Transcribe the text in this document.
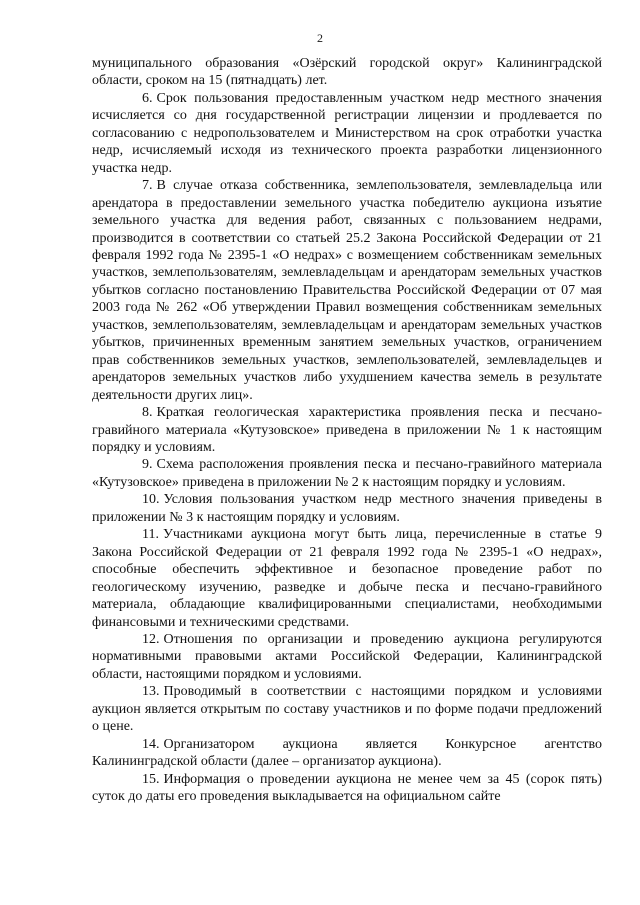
2

муниципального образования «Озёрский городской округ» Калининградской области, сроком на 15 (пятнадцать) лет.

6. Срок пользования предоставленным участком недр местного значения исчисляется со дня государственной регистрации лицензии и продлевается по согласованию с недропользователем и Министерством на срок отработки участка недр, исчисляемый исходя из технического проекта разработки лицензионного участка недр.

7. В случае отказа собственника, землепользователя, землевладельца или арендатора в предоставлении земельного участка победителю аукциона изъятие земельного участка для ведения работ, связанных с пользованием недрами, производится в соответствии со статьей 25.2 Закона Российской Федерации от 21 февраля 1992 года № 2395-1 «О недрах» с возмещением собственникам земельных участков, землепользователям, землевладельцам и арендаторам земельных участков убытков согласно постановлению Правительства Российской Федерации от 07 мая 2003 года № 262 «Об утверждении Правил возмещения собственникам земельных участков, землепользователям, землевладельцам и арендаторам земельных участков убытков, причиненных временным занятием земельных участков, ограничением прав собственников земельных участков, землепользователей, землевладельцев и арендаторов земельных участков либо ухудшением качества земель в результате деятельности других лиц».

8. Краткая геологическая характеристика проявления песка и песчано-гравийного материала «Кутузовское» приведена в приложении № 1 к настоящим порядку и условиям.

9. Схема расположения проявления песка и песчано-гравийного материала «Кутузовское» приведена в приложении № 2 к настоящим порядку и условиям.

10. Условия пользования участком недр местного значения приведены в приложении № 3 к настоящим порядку и условиям.

11. Участниками аукциона могут быть лица, перечисленные в статье 9 Закона Российской Федерации от 21 февраля 1992 года № 2395-1 «О недрах», способные обеспечить эффективное и безопасное проведение работ по геологическому изучению, разведке и добыче песка и песчано-гравийного материала, обладающие квалифицированными специалистами, необходимыми финансовыми и техническими средствами.

12. Отношения по организации и проведению аукциона регулируются нормативными правовыми актами Российской Федерации, Калининградской области, настоящими порядком и условиями.

13. Проводимый в соответствии с настоящими порядком и условиями аукцион является открытым по составу участников и по форме подачи предложений о цене.

14. Организатором аукциона является Конкурсное агентство Калининградской области (далее – организатор аукциона).

15. Информация о проведении аукциона не менее чем за 45 (сорок пять) суток до даты его проведения выкладывается на официальном сайте
